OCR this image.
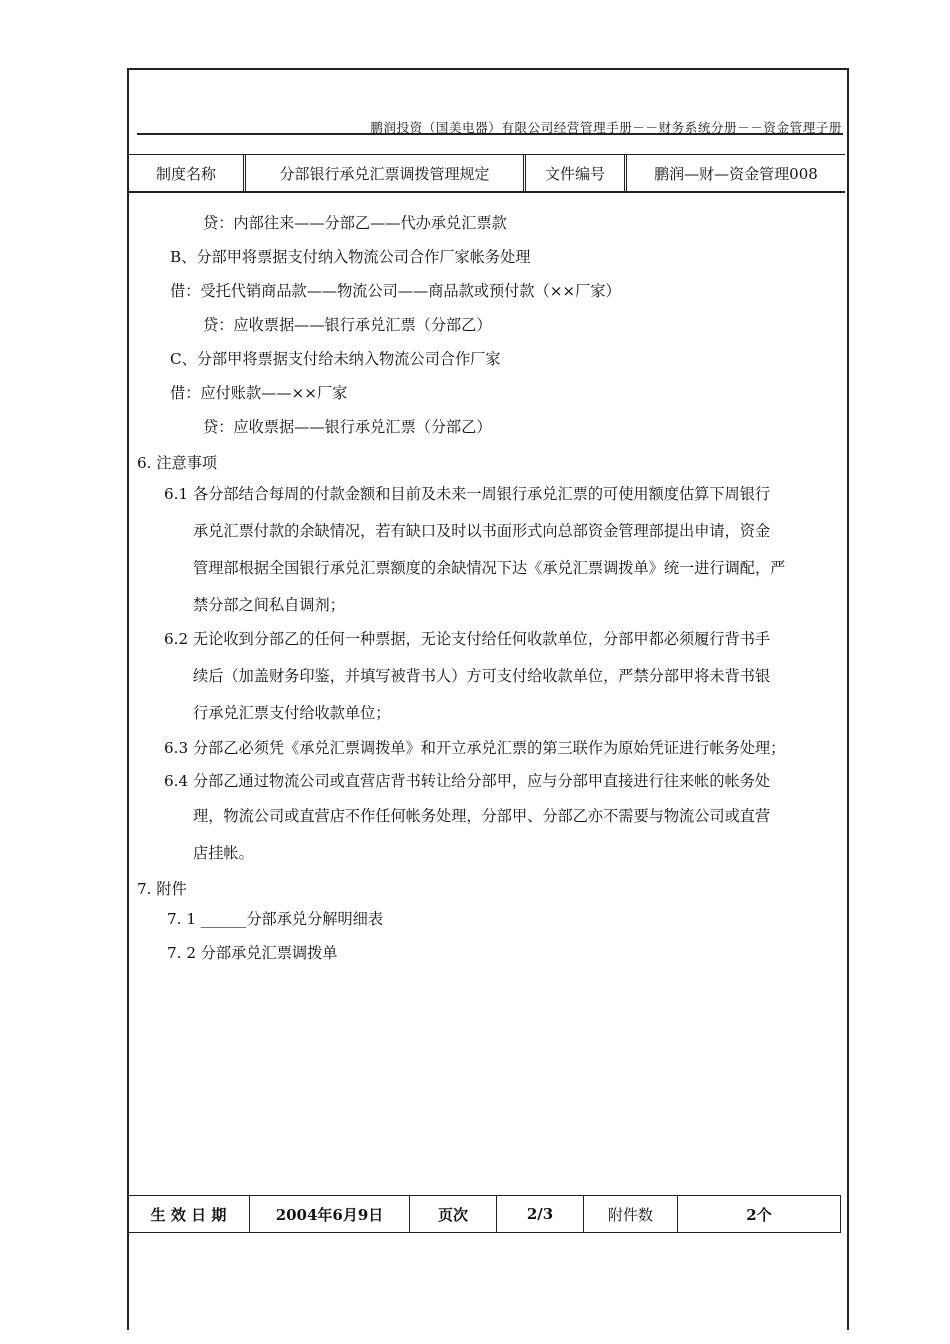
鹏润投资（国美电器）有限公司经营管理手册－－财务系统分册－－资金管理子册
制度名称	分部银行承兑汇票调拨管理规定	文件编号	鹏润—财—资金管理008
贷：内部往来——分部乙——代办承兑汇票款
B、分部甲将票据支付纳入物流公司合作厂家帐务处理
借：受托代销商品款——物流公司——商品款或预付款（××厂家）
贷：应收票据——银行承兑汇票（分部乙）
C、分部甲将票据支付给未纳入物流公司合作厂家
借：应付账款——××厂家
贷：应收票据——银行承兑汇票（分部乙）
6. 注意事项
6.1 各分部结合每周的付款金额和目前及未来一周银行承兑汇票的可使用额度估算下周银行
承兑汇票付款的余缺情况，若有缺口及时以书面形式向总部资金管理部提出申请，资金
管理部根据全国银行承兑汇票额度的余缺情况下达《承兑汇票调拨单》统一进行调配，严
禁分部之间私自调剂；
6.2 无论收到分部乙的任何一种票据，无论支付给任何收款单位，分部甲都必须履行背书手
续后（加盖财务印鉴，并填写被背书人）方可支付给收款单位，严禁分部甲将未背书银
行承兑汇票支付给收款单位；
6.3 分部乙必须凭《承兑汇票调拨单》和开立承兑汇票的第三联作为原始凭证进行帐务处理；
6.4 分部乙通过物流公司或直营店背书转让给分部甲，应与分部甲直接进行往来帐的帐务处
理，物流公司或直营店不作任何帐务处理，分部甲、分部乙亦不需要与物流公司或直营
店挂帐。
7. 附件
7. 1 ______分部承兑分解明细表
7. 2 分部承兑汇票调拨单
生 效 日 期	2004年6月9日	页次	2/3	附件数	2个
